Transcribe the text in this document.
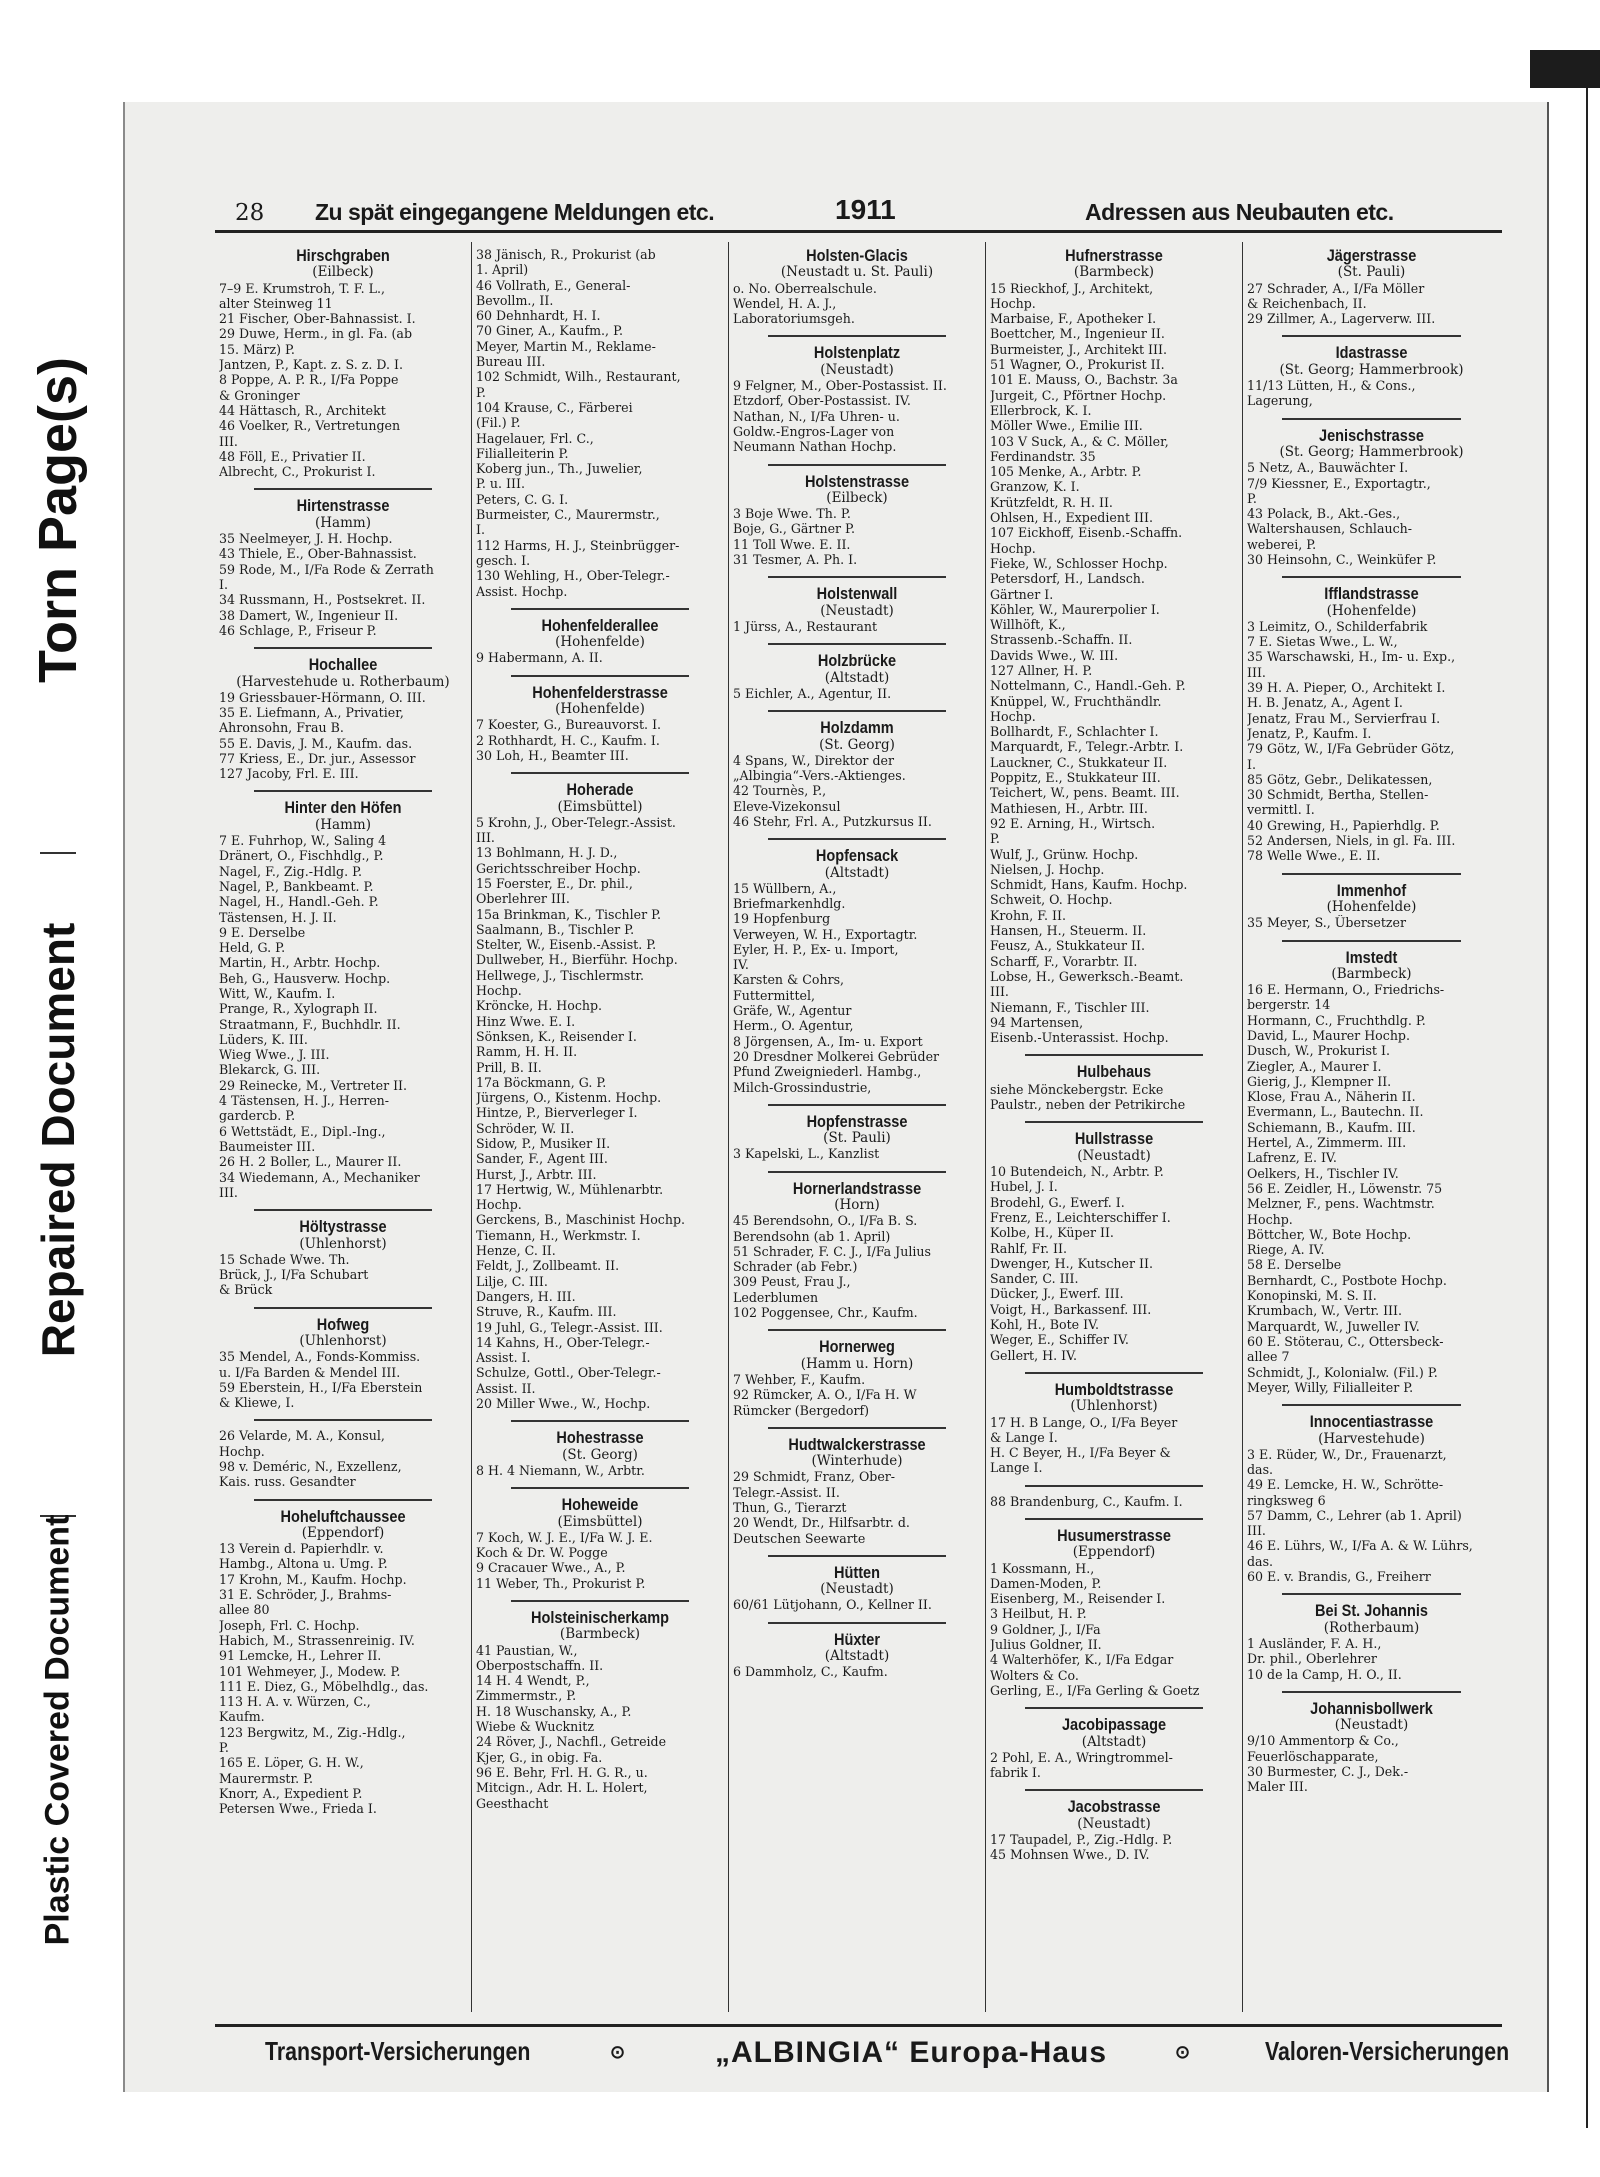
Torn Page(s)
Repaired Document
Plastic Covered Document
28 Zu spät eingegangene Meldungen etc.	1911	Adressen aus Neubauten etc.
Hirschgraben
(Eilbeck)
7–9 E. Krumstroh, T. F. L.,
alter Steinweg 11
21 Fischer, Ober-Bahnassist. I.
29 Duwe, Herm., in gl. Fa. (ab
15. März) P.
Jantzen, P., Kapt. z. S. z. D. I.
8 Poppe, A. P. R., I/Fa Poppe
& Groninger
44 Hättasch, R., Architekt
46 Voelker, R., Vertretungen
III.
48 Föll, E., Privatier II.
Albrecht, C., Prokurist I.
Hirtenstrasse
(Hamm)
35 Neelmeyer, J. H. Hochp.
43 Thiele, E., Ober-Bahnassist.
59 Rode, M., I/Fa Rode & Zerrath
I.
34 Russmann, H., Postsekret. II.
38 Damert, W., Ingenieur II.
46 Schlage, P., Friseur P.
Hochallee
(Harvestehude u. Rotherbaum)
19 Griessbauer-Hörmann, O. III.
35 E. Liefmann, A., Privatier,
Ahronsohn, Frau B.
55 E. Davis, J. M., Kaufm. das.
77 Kriess, E., Dr. jur., Assessor
127 Jacoby, Frl. E. III.
Hinter den Höfen
(Hamm)
7 E. Fuhrhop, W., Saling 4
Dränert, O., Fischhdlg., P.
Nagel, F., Zig.-Hdlg. P.
Nagel, P., Bankbeamt. P.
Nagel, H., Handl.-Geh. P.
Tästensen, H. J. II.
9 E. Derselbe
Held, G. P.
Martin, H., Arbtr. Hochp.
Beh, G., Hausverw. Hochp.
Witt, W., Kaufm. I.
Prange, R., Xylograph II.
Straatmann, F., Buchhdlr. II.
Lüders, K. III.
Wieg Wwe., J. III.
Blekarck, G. III.
29 Reinecke, M., Vertreter II.
4 Tästensen, H. J., Herren-
gardercb. P.
6 Wettstädt, E., Dipl.-Ing.,
Baumeister III.
26 H. 2 Boller, L., Maurer II.
34 Wiedemann, A., Mechaniker
III.
Höltystrasse
(Uhlenhorst)
15 Schade Wwe. Th.
Brück, J., I/Fa Schubart
& Brück
Hofweg
(Uhlenhorst)
35 Mendel, A., Fonds-Kommiss.
u. I/Fa Barden & Mendel III.
59 Eberstein, H., I/Fa Eberstein
& Kliewe, I.
26 Velarde, M. A., Konsul,
Hochp.
98 v. Deméric, N., Exzellenz,
Kais. russ. Gesandter
Hoheluftchaussee
(Eppendorf)
13 Verein d. Papierhdlr. v.
Hambg., Altona u. Umg. P.
17 Krohn, M., Kaufm. Hochp.
31 E. Schröder, J., Brahms-
allee 80
Joseph, Frl. C. Hochp.
Habich, M., Strassenreinig. IV.
91 Lemcke, H., Lehrer II.
101 Wehmeyer, J., Modew. P.
111 E. Diez, G., Möbelhdlg., das.
113 H. A. v. Würzen, C.,
Kaufm.
123 Bergwitz, M., Zig.-Hdlg.,
P.
165 E. Löper, G. H. W.,
Maurermstr. P.
Knorr, A., Expedient P.
Petersen Wwe., Frieda I.
38 Jänisch, R., Prokurist (ab
1. April)
46 Vollrath, E., General-
Bevollm., II.
60 Dehnhardt, H. I.
70 Giner, A., Kaufm., P.
Meyer, Martin M., Reklame-
Bureau III.
102 Schmidt, Wilh., Restaurant,
P.
104 Krause, C., Färberei
(Fil.) P.
Hagelauer, Frl. C.,
Filialleiterin P.
Koberg jun., Th., Juwelier,
P. u. III.
Peters, C. G. I.
Burmeister, C., Maurermstr.,
I.
112 Harms, H. J., Steinbrügger-
gesch. I.
130 Wehling, H., Ober-Telegr.-
Assist. Hochp.
Hohenfelderallee
(Hohenfelde)
9 Habermann, A. II.
Hohenfelderstrasse
(Hohenfelde)
7 Koester, G., Bureauvorst. I.
2 Rothhardt, H. C., Kaufm. I.
30 Loh, H., Beamter III.
Hoherade
(Eimsbüttel)
5 Krohn, J., Ober-Telegr.-Assist.
III.
13 Bohlmann, H. J. D.,
Gerichtsschreiber Hochp.
15 Foerster, E., Dr. phil.,
Oberlehrer III.
15a Brinkman, K., Tischler P.
Saalmann, B., Tischler P.
Stelter, W., Eisenb.-Assist. P.
Dullweber, H., Bierführ. Hochp.
Hellwege, J., Tischlermstr.
Hochp.
Kröncke, H. Hochp.
Hinz Wwe. E. I.
Sönksen, K., Reisender I.
Ramm, H. H. II.
Prill, B. II.
17a Böckmann, G. P.
Jürgens, O., Kistenm. Hochp.
Hintze, P., Bierverleger I.
Schröder, W. II.
Sidow, P., Musiker II.
Sander, F., Agent III.
Hurst, J., Arbtr. III.
17 Hertwig, W., Mühlenarbtr.
Hochp.
Gerckens, B., Maschinist Hochp.
Tiemann, H., Werkmstr. I.
Henze, C. II.
Feldt, J., Zollbeamt. II.
Lilje, C. III.
Dangers, H. III.
Struve, R., Kaufm. III.
19 Juhl, G., Telegr.-Assist. III.
14 Kahns, H., Ober-Telegr.-
Assist. I.
Schulze, Gottl., Ober-Telegr.-
Assist. II.
20 Miller Wwe., W., Hochp.
Hohestrasse
(St. Georg)
8 H. 4 Niemann, W., Arbtr.
Hoheweide
(Eimsbüttel)
7 Koch, W. J. E., I/Fa W. J. E.
Koch & Dr. W. Pogge
9 Cracauer Wwe., A., P.
11 Weber, Th., Prokurist P.
Holsteinischerkamp
(Barmbeck)
41 Paustian, W.,
Oberpostschaffn. II.
14 H. 4 Wendt, P.,
Zimmermstr., P.
H. 18 Wuschansky, A., P.
Wiebe & Wucknitz
24 Röver, J., Nachfl., Getreide
Kjer, G., in obig. Fa.
96 E. Behr, Frl. H. G. R., u.
Mitcign., Adr. H. L. Holert,
Geesthacht
Holsten-Glacis
(Neustadt u. St. Pauli)
o. No. Oberrealschule.
Wendel, H. A. J.,
Laboratoriumsgeh.
Holstenplatz
(Neustadt)
9 Felgner, M., Ober-Postassist. II.
Etzdorf, Ober-Postassist. IV.
Nathan, N., I/Fa Uhren- u.
Goldw.-Engros-Lager von
Neumann Nathan Hochp.
Holstenstrasse
(Eilbeck)
3 Boje Wwe. Th. P.
Boje, G., Gärtner P.
11 Toll Wwe. E. II.
31 Tesmer, A. Ph. I.
Holstenwall
(Neustadt)
1 Jürss, A., Restaurant
Holzbrücke
(Altstadt)
5 Eichler, A., Agentur, II.
Holzdamm
(St. Georg)
4 Spans, W., Direktor der
„Albingia“-Vers.-Aktienges.
42 Tournès, P.,
Eleve-Vizekonsul
46 Stehr, Frl. A., Putzkursus II.
Hopfensack
(Altstadt)
15 Wüllbern, A.,
Briefmarkenhdlg.
19 Hopfenburg
Verweyen, W. H., Exportagtr.
Eyler, H. P., Ex- u. Import,
IV.
Karsten & Cohrs,
Futtermittel,
Gräfe, W., Agentur
Herm., O. Agentur,
8 Jörgensen, A., Im- u. Export
20 Dresdner Molkerei Gebrüder
Pfund Zweigniederl. Hambg.,
Milch-Grossindustrie,
Hopfenstrasse
(St. Pauli)
3 Kapelski, L., Kanzlist
Hornerlandstrasse
(Horn)
45 Berendsohn, O., I/Fa B. S.
Berendsohn (ab 1. April)
51 Schrader, F. C. J., I/Fa Julius
Schrader (ab Febr.)
309 Peust, Frau J.,
Lederblumen
102 Poggensee, Chr., Kaufm.
Hornerweg
(Hamm u. Horn)
7 Wehber, F., Kaufm.
92 Rümcker, A. O., I/Fa H. W
Rümcker (Bergedorf)
Hudtwalckerstrasse
(Winterhude)
29 Schmidt, Franz, Ober-
Telegr.-Assist. II.
Thun, G., Tierarzt
20 Wendt, Dr., Hilfsarbtr. d.
Deutschen Seewarte
Hütten
(Neustadt)
60/61 Lütjohann, O., Kellner II.
Hüxter
(Altstadt)
6 Dammholz, C., Kaufm.
Hufnerstrasse
(Barmbeck)
15 Rieckhof, J., Architekt,
Hochp.
Marbaise, F., Apotheker I.
Boettcher, M., Ingenieur II.
Burmeister, J., Architekt III.
51 Wagner, O., Prokurist II.
101 E. Mauss, O., Bachstr. 3a
Jurgeit, C., Pförtner Hochp.
Ellerbrock, K. I.
Möller Wwe., Emilie III.
103 V Suck, A., & C. Möller,
Ferdinandstr. 35
105 Menke, A., Arbtr. P.
Granzow, K. I.
Krützfeldt, R. H. II.
Ohlsen, H., Expedient III.
107 Eickhoff, Eisenb.-Schaffn.
Hochp.
Fieke, W., Schlosser Hochp.
Petersdorf, H., Landsch.
Gärtner I.
Köhler, W., Maurerpolier I.
Willhöft, K.,
Strassenb.-Schaffn. II.
Davids Wwe., W. III.
127 Allner, H. P.
Nottelmann, C., Handl.-Geh. P.
Knüppel, W., Fruchthändlr.
Hochp.
Bollhardt, F., Schlachter I.
Marquardt, F., Telegr.-Arbtr. I.
Lauckner, C., Stukkateur II.
Poppitz, E., Stukkateur III.
Teichert, W., pens. Beamt. III.
Mathiesen, H., Arbtr. III.
92 E. Arning, H., Wirtsch.
P.
Wulf, J., Grünw. Hochp.
Nielsen, J. Hochp.
Schmidt, Hans, Kaufm. Hochp.
Schweit, O. Hochp.
Krohn, F. II.
Hansen, H., Steuerm. II.
Feusz, A., Stukkateur II.
Scharff, F., Vorarbtr. II.
Lobse, H., Gewerksch.-Beamt.
III.
Niemann, F., Tischler III.
94 Martensen,
Eisenb.-Unterassist. Hochp.
Hulbehaus
siehe Mönckebergstr. Ecke
Paulstr., neben der Petrikirche
Hullstrasse
(Neustadt)
10 Butendeich, N., Arbtr. P.
Hubel, J. I.
Brodehl, G., Ewerf. I.
Frenz, E., Leichterschiffer I.
Kolbe, H., Küper II.
Rahlf, Fr. II.
Dwenger, H., Kutscher II.
Sander, C. III.
Dücker, J., Ewerf. III.
Voigt, H., Barkassenf. III.
Kohl, H., Bote IV.
Weger, E., Schiffer IV.
Gellert, H. IV.
Humboldtstrasse
(Uhlenhorst)
17 H. B Lange, O., I/Fa Beyer
& Lange I.
H. C Beyer, H., I/Fa Beyer &
Lange I.
88 Brandenburg, C., Kaufm. I.
Husumerstrasse
(Eppendorf)
1 Kossmann, H.,
Damen-Moden, P.
Eisenberg, M., Reisender I.
3 Heilbut, H. P.
9 Goldner, J., I/Fa
Julius Goldner, II.
4 Walterhöfer, K., I/Fa Edgar
Wolters & Co.
Gerling, E., I/Fa Gerling & Goetz
Jacobipassage
(Altstadt)
2 Pohl, E. A., Wringtrommel-
fabrik I.
Jacobstrasse
(Neustadt)
17 Taupadel, P., Zig.-Hdlg. P.
45 Mohnsen Wwe., D. IV.
Jägerstrasse
(St. Pauli)
27 Schrader, A., I/Fa Möller
& Reichenbach, II.
29 Zillmer, A., Lagerverw. III.
Idastrasse
(St. Georg; Hammerbrook)
11/13 Lütten, H., & Cons.,
Lagerung,
Jenischstrasse
(St. Georg; Hammerbrook)
5 Netz, A., Bauwächter I.
7/9 Kiessner, E., Exportagtr.,
P.
43 Polack, B., Akt.-Ges.,
Waltershausen, Schlauch-
weberei, P.
30 Heinsohn, C., Weinküfer P.
Ifflandstrasse
(Hohenfelde)
3 Leimitz, O., Schilderfabrik
7 E. Sietas Wwe., L. W.,
35 Warschawski, H., Im- u. Exp.,
III.
39 H. A. Pieper, O., Architekt I.
H. B. Jenatz, A., Agent I.
Jenatz, Frau M., Servierfrau I.
Jenatz, P., Kaufm. I.
79 Götz, W., I/Fa Gebrüder Götz,
I.
85 Götz, Gebr., Delikatessen,
30 Schmidt, Bertha, Stellen-
vermittl. I.
40 Grewing, H., Papierhdlg. P.
52 Andersen, Niels, in gl. Fa. III.
78 Welle Wwe., E. II.
Immenhof
(Hohenfelde)
35 Meyer, S., Übersetzer
Imstedt
(Barmbeck)
16 E. Hermann, O., Friedrichs-
bergerstr. 14
Hormann, C., Fruchthdlg. P.
David, L., Maurer Hochp.
Dusch, W., Prokurist I.
Ziegler, A., Maurer I.
Gierig, J., Klempner II.
Klose, Frau A., Näherin II.
Evermann, L., Bautechn. II.
Schiemann, B., Kaufm. III.
Hertel, A., Zimmerm. III.
Lafrenz, E. IV.
Oelkers, H., Tischler IV.
56 E. Zeidler, H., Löwenstr. 75
Melzner, F., pens. Wachtmstr.
Hochp.
Böttcher, W., Bote Hochp.
Riege, A. IV.
58 E. Derselbe
Bernhardt, C., Postbote Hochp.
Konopinski, M. S. II.
Krumbach, W., Vertr. III.
Marquardt, W., Juweller IV.
60 E. Stöterau, C., Ottersbeck-
allee 7
Schmidt, J., Kolonialw. (Fil.) P.
Meyer, Willy, Filialleiter P.
Innocentiastrasse
(Harvestehude)
3 E. Rüder, W., Dr., Frauenarzt,
das.
49 E. Lemcke, H. W., Schrötte-
ringksweg 6
57 Damm, C., Lehrer (ab 1. April)
III.
46 E. Lührs, W., I/Fa A. & W. Lührs,
das.
60 E. v. Brandis, G., Freiherr
Bei St. Johannis
(Rotherbaum)
1 Ausländer, F. A. H.,
Dr. phil., Oberlehrer
10 de la Camp, H. O., II.
Johannisbollwerk
(Neustadt)
9/10 Ammentorp & Co.,
Feuerlöschapparate,
30 Burmester, C. J., Dek.-
Maler III.
Transport-Versicherungen	⊙	„ALBINGIA“ Europa-Haus	⊙	Valoren-Versicherungen
